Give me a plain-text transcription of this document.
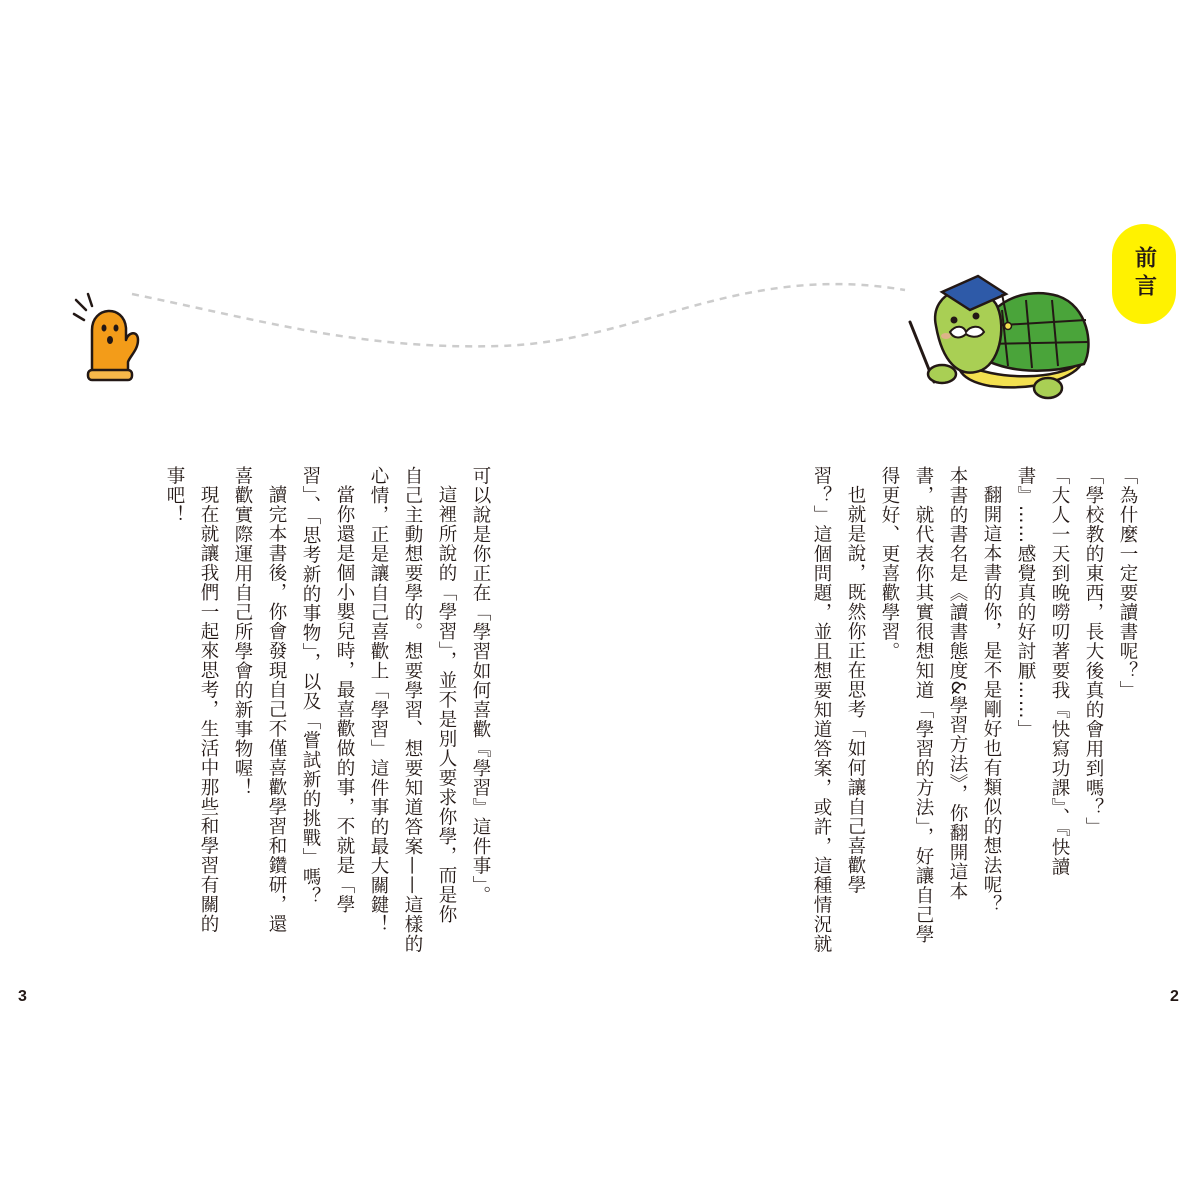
前言

「為什麼一定要讀書呢？」

「學校教的東西，長大後真的會用到嗎？」

「大人一天到晚嘮叨著要我『快寫功課』、『快讀

書』……感覺真的好討厭……」

翻開這本書的你，是不是剛好也有類似的想法呢？

本書的書名是《讀書態度&學習方法》，你翻開這本

書，就代表你其實很想知道「學習的方法」，好讓自己學

得更好、更喜歡學習。

也就是說，既然你正在思考「如何讓自己喜歡學

習？」這個問題，並且想要知道答案，或許，這種情況就

可以說是你正在「學習如何喜歡『學習』這件事」。

這裡所說的「學習」，並不是別人要求你學，而是你

自己主動想要學的。想要學習、想要知道答案——這樣的

心情，正是讓自己喜歡上「學習」這件事的最大關鍵！

當你還是個小嬰兒時，最喜歡做的事，不就是「學

習」、「思考新的事物」，以及「嘗試新的挑戰」嗎？

讀完本書後，你會發現自己不僅喜歡學習和鑽研，還

喜歡實際運用自己所學會的新事物喔！

現在就讓我們一起來思考，生活中那些和學習有關的

事吧！

3	2
